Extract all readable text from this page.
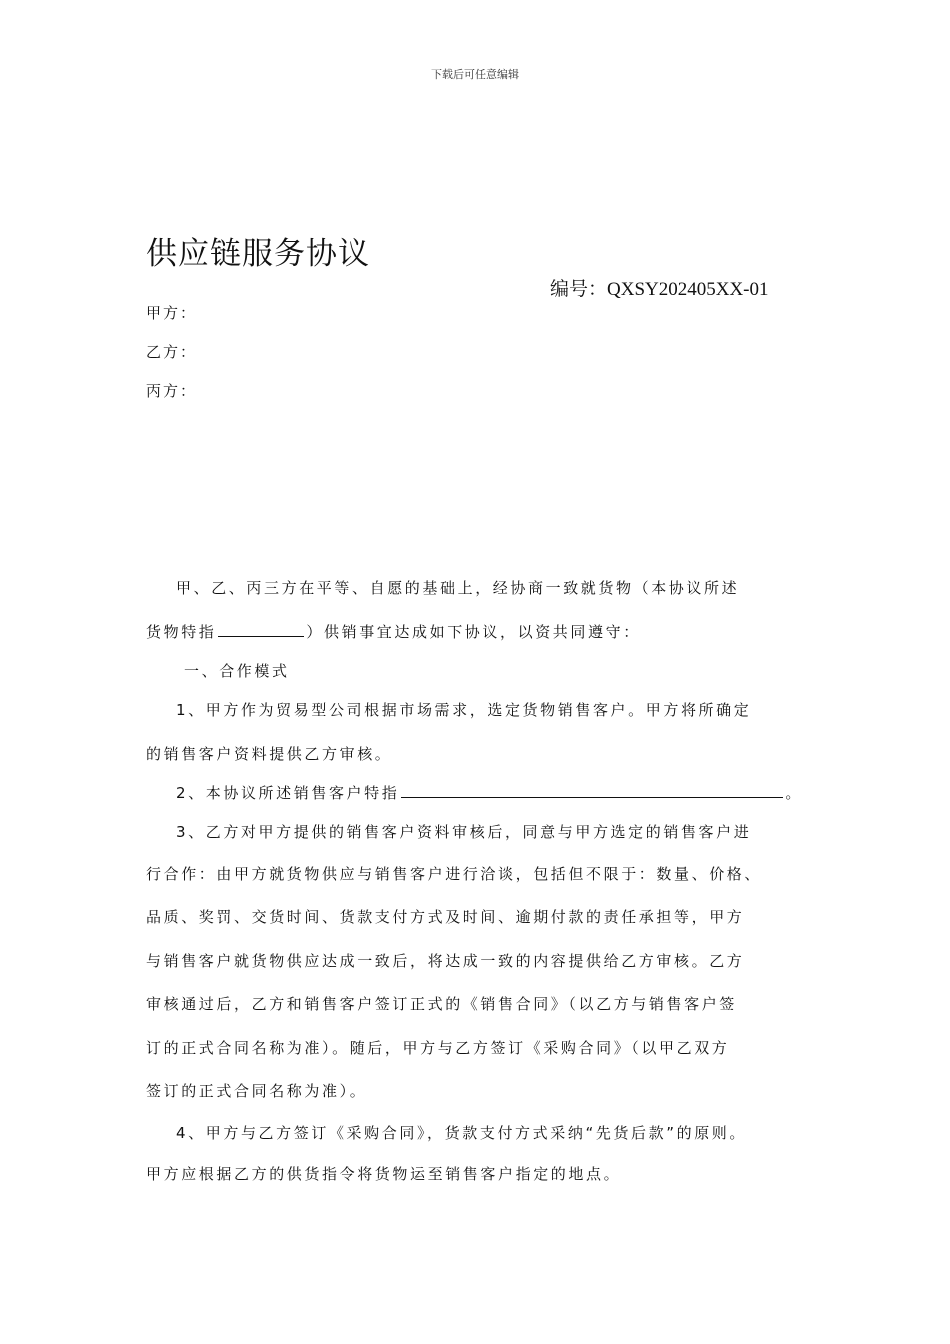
下载后可任意编辑
供应链服务协议
编号：QXSY202405XX-01
甲方：
乙方：
丙方：
甲、乙、丙三方在平等、自愿的基础上，经协商一致就货物（本协议所述
货物特指	）供销事宜达成如下协议，以资共同遵守：
一、合作模式
1、甲方作为贸易型公司根据市场需求，选定货物销售客户。甲方将所确定
的销售客户资料提供乙方审核。
2、本协议所述销售客户特指	。
3、乙方对甲方提供的销售客户资料审核后，同意与甲方选定的销售客户进
行合作：由甲方就货物供应与销售客户进行洽谈，包括但不限于：数量、价格、
品质、奖罚、交货时间、货款支付方式及时间、逾期付款的责任承担等，甲方
与销售客户就货物供应达成一致后，将达成一致的内容提供给乙方审核。乙方
审核通过后，乙方和销售客户签订正式的《销售合同》（以乙方与销售客户签
订的正式合同名称为准）。随后，甲方与乙方签订《采购合同》（以甲乙双方
签订的正式合同名称为准）。
4、甲方与乙方签订《采购合同》，货款支付方式采纳“先货后款”的原则。
甲方应根据乙方的供货指令将货物运至销售客户指定的地点。
